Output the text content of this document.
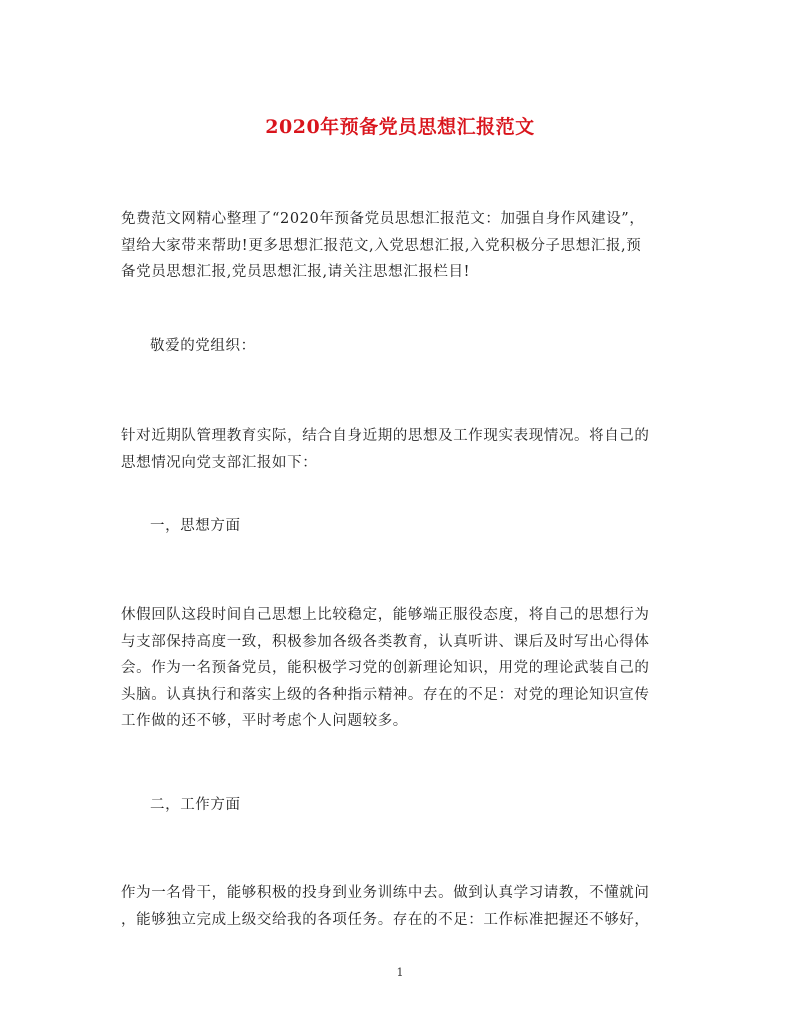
2020年预备党员思想汇报范文
免费范文网精心整理了“2020年预备党员思想汇报范文：加强自身作风建设”，
望给大家带来帮助!更多思想汇报范文,入党思想汇报,入党积极分子思想汇报,预
备党员思想汇报,党员思想汇报,请关注思想汇报栏目!
敬爱的党组织：
针对近期队管理教育实际，结合自身近期的思想及工作现实表现情况。将自己的
思想情况向党支部汇报如下：
一，思想方面
休假回队这段时间自己思想上比较稳定，能够端正服役态度，将自己的思想行为
与支部保持高度一致，积极参加各级各类教育，认真听讲、课后及时写出心得体
会。作为一名预备党员，能积极学习党的创新理论知识，用党的理论武装自己的
头脑。认真执行和落实上级的各种指示精神。存在的不足：对党的理论知识宣传
工作做的还不够，平时考虑个人问题较多。
二，工作方面
作为一名骨干，能够积极的投身到业务训练中去。做到认真学习请教，不懂就问
，能够独立完成上级交给我的各项任务。存在的不足：工作标准把握还不够好，
1
